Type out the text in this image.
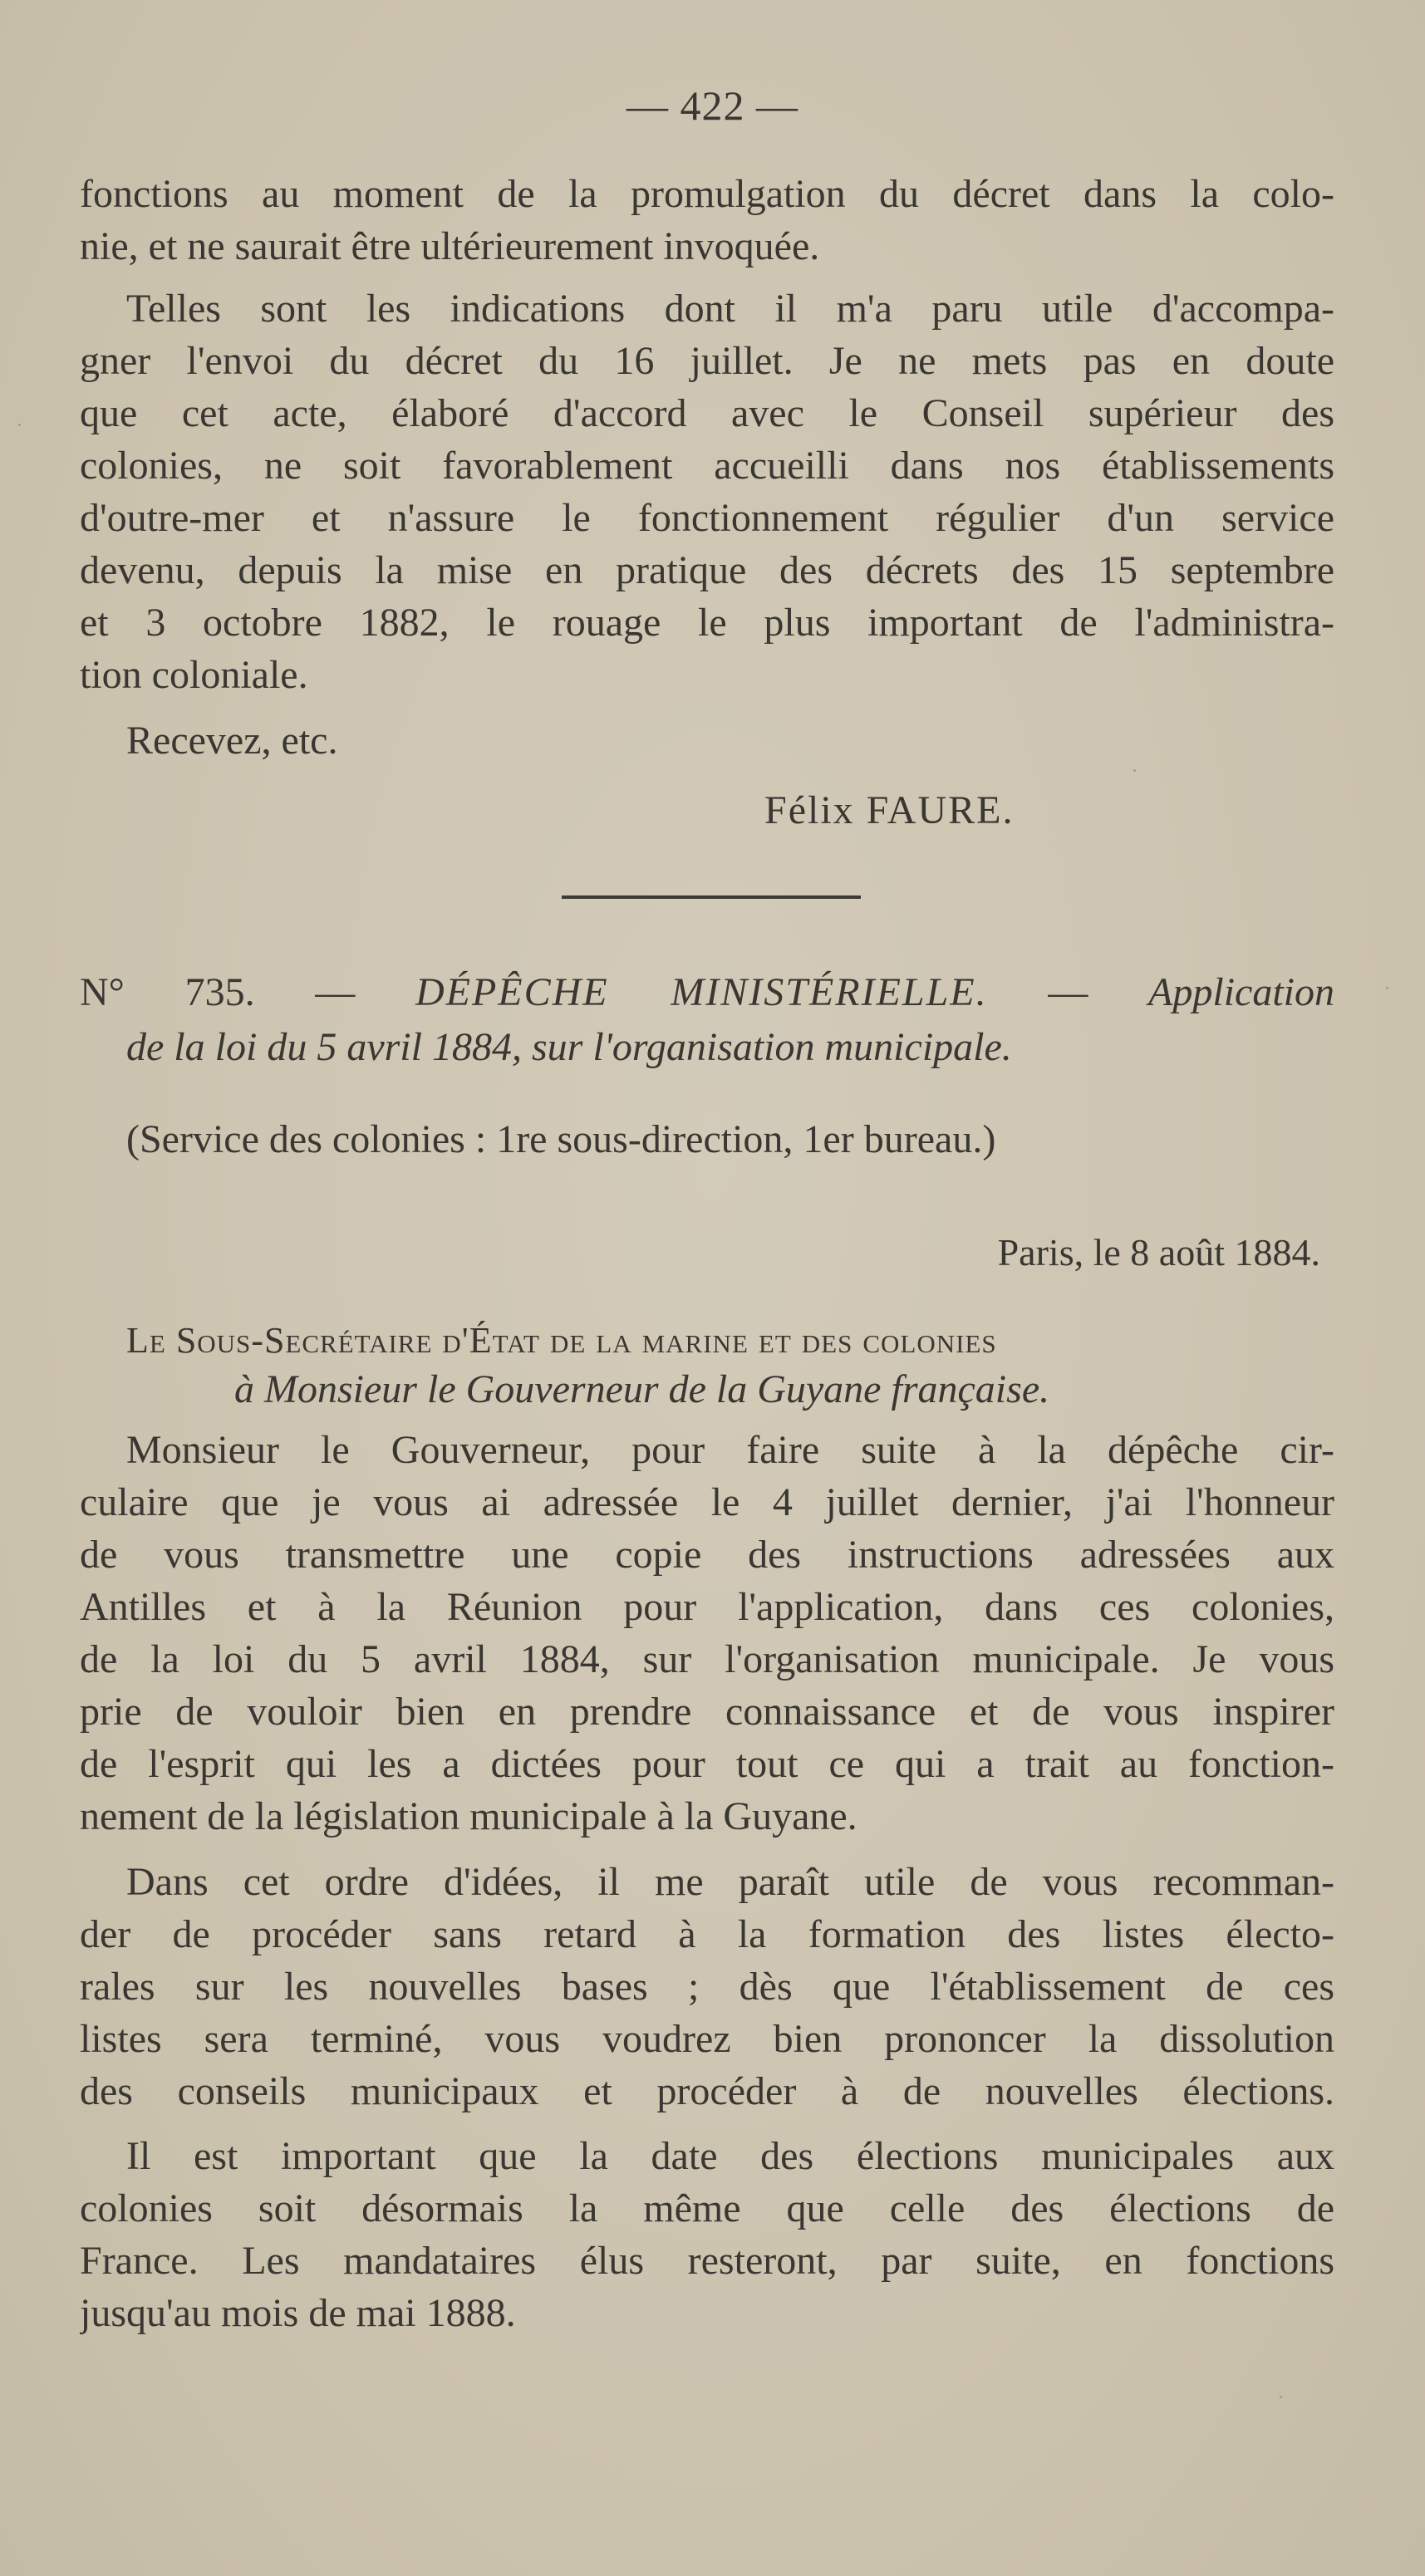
— 422 —
fonctions au moment de la promulgation du décret dans la colo-
nie, et ne saurait être ultérieurement invoquée.
Telles sont les indications dont il m'a paru utile d'accompa-
gner l'envoi du décret du 16 juillet. Je ne mets pas en doute
que cet acte, élaboré d'accord avec le Conseil supérieur des
colonies, ne soit favorablement accueilli dans nos établissements
d'outre-mer et n'assure le fonctionnement régulier d'un service
devenu, depuis la mise en pratique des décrets des 15 septembre
et 3 octobre 1882, le rouage le plus important de l'administra-
tion coloniale.
Recevez, etc.
Félix FAURE.
N° 735. — DÉPÊCHE MINISTÉRIELLE. — Application
de la loi du 5 avril 1884, sur l'organisation municipale.
(Service des colonies : 1re sous-direction, 1er bureau.)
Paris, le 8 août 1884.
Le Sous-Secrétaire d'État de la marine et des colonies
à Monsieur le Gouverneur de la Guyane française.
Monsieur le Gouverneur, pour faire suite à la dépêche cir-
culaire que je vous ai adressée le 4 juillet dernier, j'ai l'honneur
de vous transmettre une copie des instructions adressées aux
Antilles et à la Réunion pour l'application, dans ces colonies,
de la loi du 5 avril 1884, sur l'organisation municipale. Je vous
prie de vouloir bien en prendre connaissance et de vous inspirer
de l'esprit qui les a dictées pour tout ce qui a trait au fonction-
nement de la législation municipale à la Guyane.
Dans cet ordre d'idées, il me paraît utile de vous recomman-
der de procéder sans retard à la formation des listes électo-
rales sur les nouvelles bases ; dès que l'établissement de ces
listes sera terminé, vous voudrez bien prononcer la dissolution
des conseils municipaux et procéder à de nouvelles élections.
Il est important que la date des élections municipales aux
colonies soit désormais la même que celle des élections de
France. Les mandataires élus resteront, par suite, en fonctions
jusqu'au mois de mai 1888.
